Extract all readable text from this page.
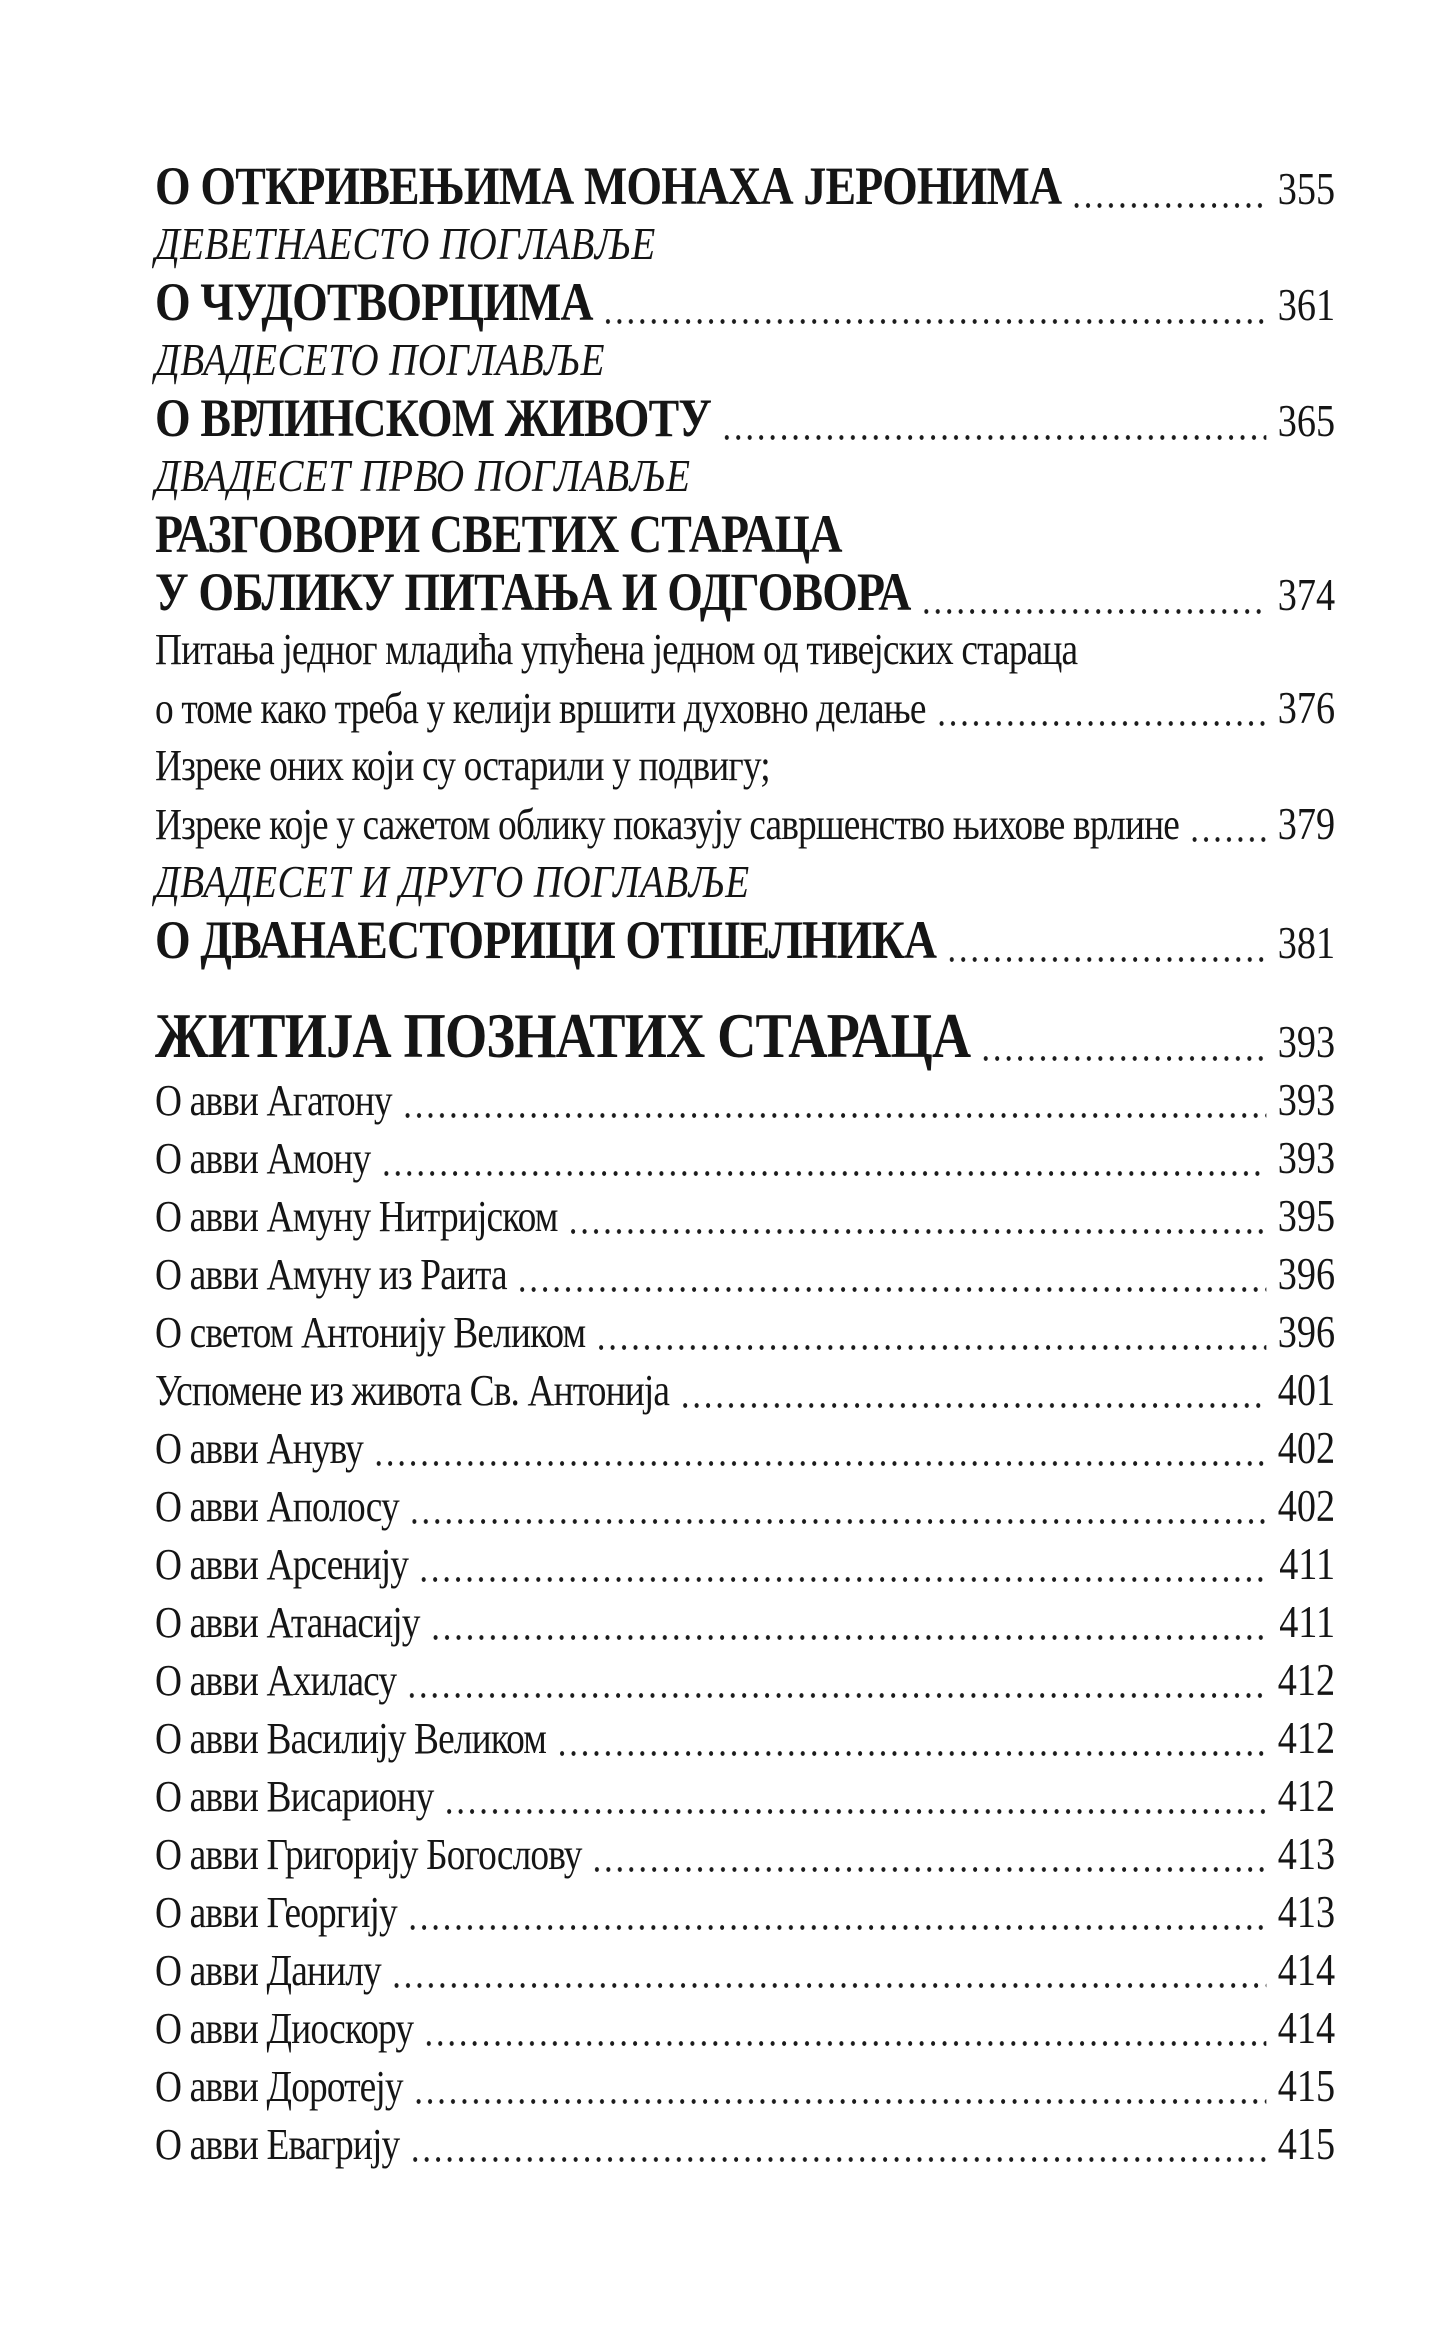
О ОТКРИВЕЊИМА МОНАХА ЈЕРОНИМА	355
ДЕВЕТНАЕСТО ПОГЛАВЉЕ
О ЧУДОТВОРЦИМА	361
ДВАДЕСЕТО ПОГЛАВЉЕ
О ВРЛИНСКОМ ЖИВОТУ	365
ДВАДЕСЕТ ПРВО ПОГЛАВЉЕ
РАЗГОВОРИ СВЕТИХ СТАРАЦА
У ОБЛИКУ ПИТАЊА И ОДГОВОРА	374
Питања једног младића упућена једном од тивејских стараца
о томе како треба у келији вршити духовно делање	376
Изреке оних који су остарили у подвигу;
Изреке које у сажетом облику показују савршенство њихове врлине 379
ДВАДЕСЕТ И ДРУГО ПОГЛАВЉЕ
О ДВАНАЕСТОРИЦИ ОТШЕЛНИКА	381
ЖИТИЈА ПОЗНАТИХ СТАРАЦА	393
О авви Агатону	393
О авви Амону	393
О авви Амуну Нитријском	395
О авви Амуну из Раита	396
О светом Антонију Великом	396
Успомене из живота Св. Антонија	401
О авви Ануву	402
О авви Аполосу	402
О авви Арсенију	411
О авви Атанасију	411
О авви Ахиласу	412
О авви Василију Великом	412
О авви Висариону	412
О авви Григорију Богослову	413
О авви Георгију	413
О авви Данилу	414
О авви Диоскору	414
О авви Доротеју	415
О авви Евагрију	415
